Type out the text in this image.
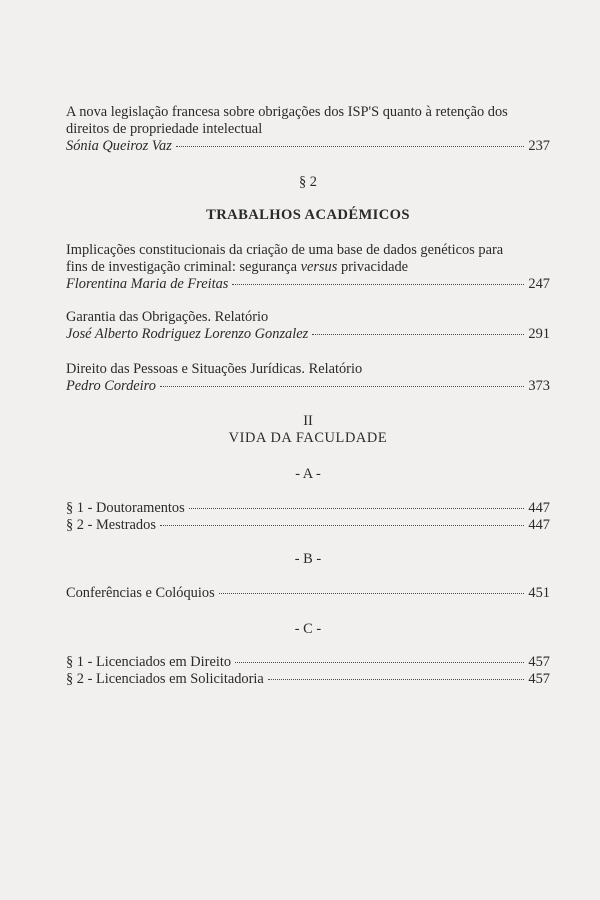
A nova legislação francesa sobre obrigações dos ISP'S quanto à retenção dos
direitos de propriedade intelectual
Sónia Queiroz Vaz	237
§ 2
TRABALHOS ACADÉMICOS
Implicações constitucionais da criação de uma base de dados genéticos para
fins de investigação criminal: segurança versus privacidade
Florentina Maria de Freitas	247
Garantia das Obrigações. Relatório
José Alberto Rodriguez Lorenzo Gonzalez	291
Direito das Pessoas e Situações Jurídicas. Relatório
Pedro Cordeiro	373
II
VIDA DA FACULDADE
- A -
§ 1 - Doutoramentos	447
§ 2 - Mestrados	447
- B -
Conferências e Colóquios	451
- C -
§ 1 - Licenciados em Direito	457
§ 2 - Licenciados em Solicitadoria	457
